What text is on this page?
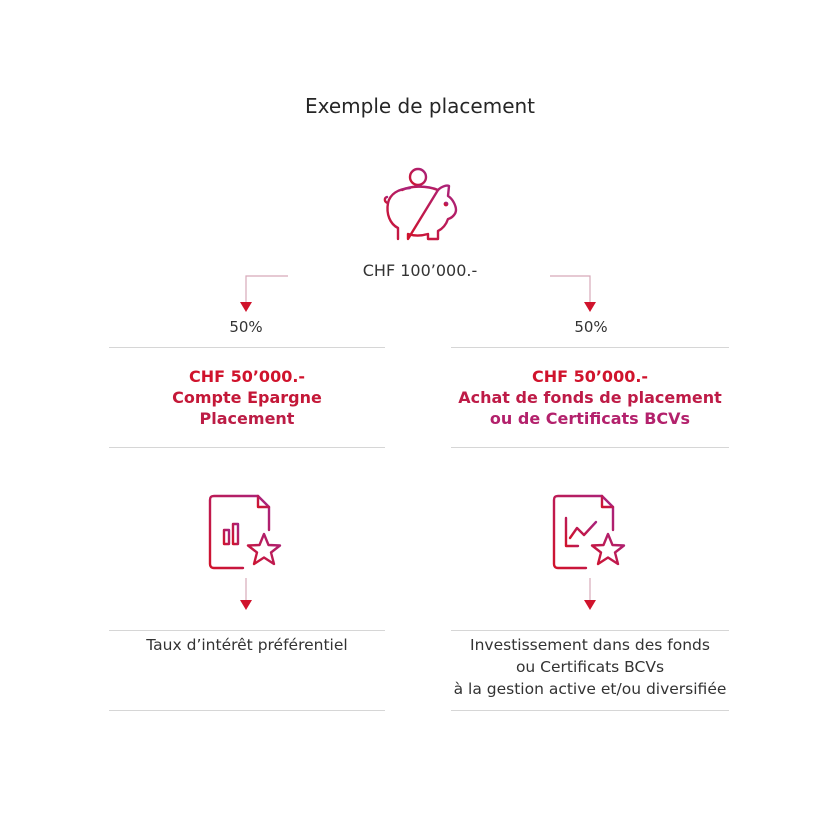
Exemple de placement
CHF 100’000.-
50%	50%
CHF 50’000.-
Compte Epargne
Placement
CHF 50’000.-
Achat de fonds de placement
ou de Certificats BCVs
Taux d’intérêt préférentiel	Investissement dans des fonds
ou Certificats BCVs
à la gestion active et/ou diversifiée
